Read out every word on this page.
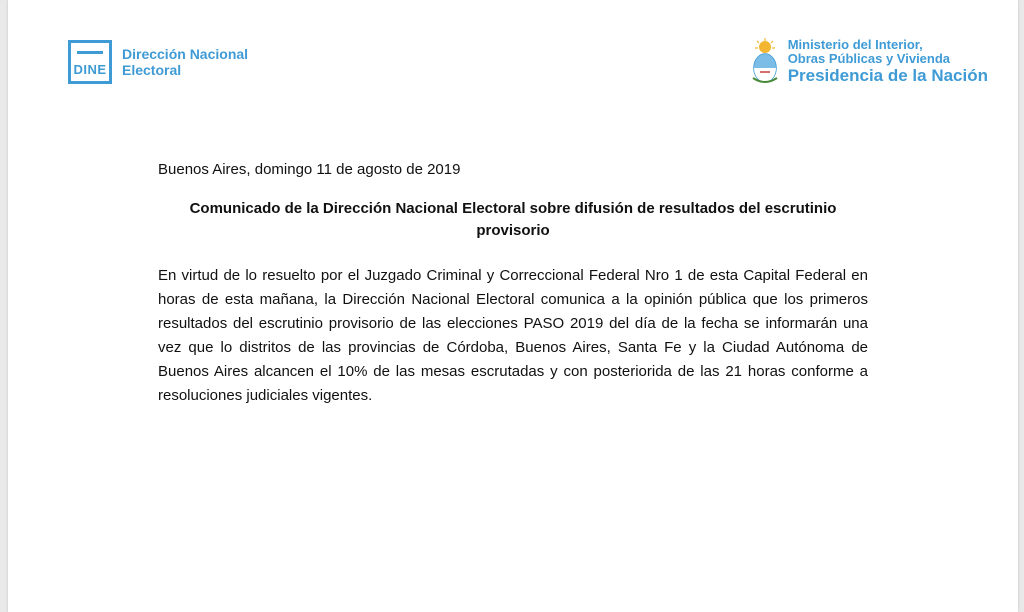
DINE
Dirección Nacional
Electoral
Ministerio del Interior,
Obras Públicas y Vivienda
Presidencia de la Nación
Buenos Aires, domingo 11 de agosto de 2019
Comunicado de la Dirección Nacional Electoral sobre difusión de resultados del escrutinio provisorio
En virtud de lo resuelto por el Juzgado Criminal y Correccional Federal Nro 1 de esta Capital Federal en horas de esta mañana, la Dirección Nacional Electoral comunica a la opinión pública que los primeros resultados del escrutinio provisorio de las elecciones PASO 2019 del día de la fecha se informarán una vez que lo distritos de las provincias de Córdoba, Buenos Aires, Santa Fe y la Ciudad Autónoma de Buenos Aires alcancen el 10% de las mesas escrutadas y con posteriorida de las 21 horas conforme a resoluciones judiciales vigentes.
